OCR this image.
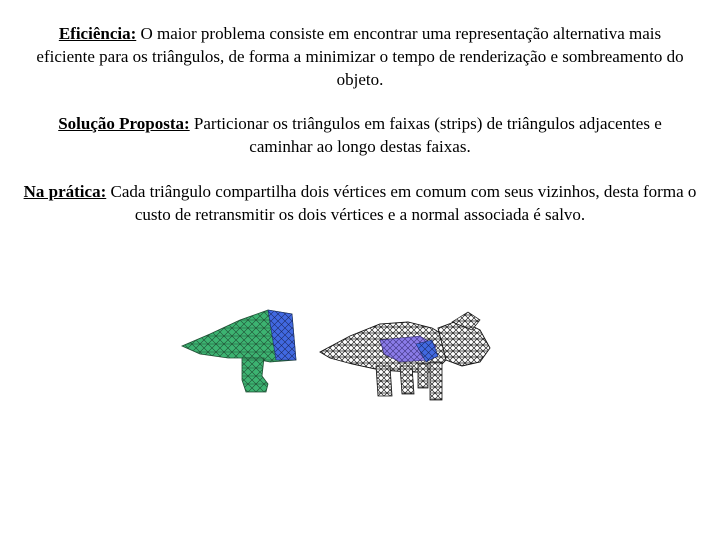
Eficiência: O maior problema consiste em encontrar uma representação alternativa mais eficiente para os triângulos, de forma a minimizar o tempo de renderização e sombreamento do objeto.

Solução Proposta: Particionar os triângulos em faixas (strips) de triângulos adjacentes e caminhar ao longo destas faixas.

Na prática: Cada triângulo compartilha dois vértices em comum com seus vizinhos, desta forma o custo de retransmitir os dois vértices e a normal associada é salvo.
